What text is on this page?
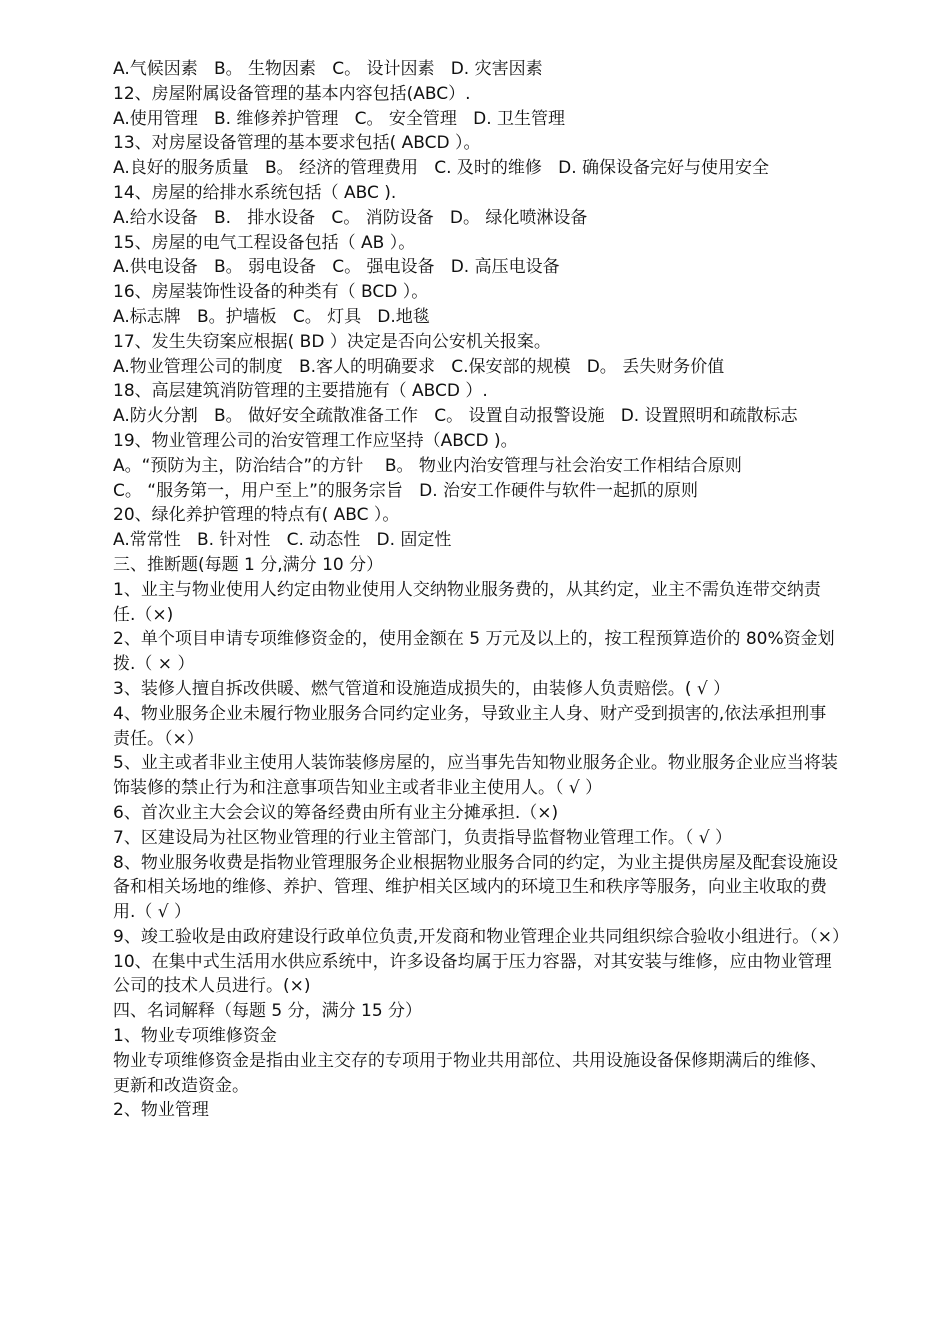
A.气候因素   B。 生物因素   C。 设计因素   D. 灾害因素
12、房屋附属设备管理的基本内容包括(ABC）.
A.使用管理   B. 维修养护管理   C。 安全管理   D. 卫生管理
13、对房屋设备管理的基本要求包括( ABCD ）。
A.良好的服务质量   B。 经济的管理费用   C. 及时的维修   D. 确保设备完好与使用安全
14、房屋的给排水系统包括（ ABC ).
A.给水设备   B.   排水设备   C。 消防设备   D。 绿化喷淋设备
15、房屋的电气工程设备包括（ AB ）。
A.供电设备   B。 弱电设备   C。 强电设备   D. 高压电设备
16、房屋装饰性设备的种类有（ BCD ）。
A.标志牌   B。护墙板   C。 灯具   D.地毯
17、发生失窃案应根据( BD ）决定是否向公安机关报案。
A.物业管理公司的制度   B.客人的明确要求   C.保安部的规模   D。 丢失财务价值
18、高层建筑消防管理的主要措施有（ ABCD ）.
A.防火分割   B。 做好安全疏散准备工作   C。 设置自动报警设施   D. 设置照明和疏散标志
19、物业管理公司的治安管理工作应坚持（ABCD )。
A。“预防为主，防治结合”的方针    B。 物业内治安管理与社会治安工作相结合原则
C。 “服务第一，用户至上”的服务宗旨   D. 治安工作硬件与软件一起抓的原则
20、绿化养护管理的特点有( ABC ）。
A.常常性   B. 针对性   C. 动态性   D. 固定性
三、推断题(每题 1 分,满分 10 分）
1、业主与物业使用人约定由物业使用人交纳物业服务费的，从其约定，业主不需负连带交纳责任.（×)
2、单个项目申请专项维修资金的，使用金额在 5 万元及以上的，按工程预算造价的 80%资金划拨.（ × ）
3、装修人擅自拆改供暖、燃气管道和设施造成损失的，由装修人负责赔偿。( √ ）
4、物业服务企业未履行物业服务合同约定业务，导致业主人身、财产受到损害的,依法承担刑事责任。（×）
5、业主或者非业主使用人装饰装修房屋的，应当事先告知物业服务企业。物业服务企业应当将装饰装修的禁止行为和注意事项告知业主或者非业主使用人。（ √ ）
6、首次业主大会会议的筹备经费由所有业主分摊承担.（×)
7、区建设局为社区物业管理的行业主管部门，负责指导监督物业管理工作。（ √ ）
8、物业服务收费是指物业管理服务企业根据物业服务合同的约定，为业主提供房屋及配套设施设备和相关场地的维修、养护、管理、维护相关区域内的环境卫生和秩序等服务，向业主收取的费用.（ √ ）
9、竣工验收是由政府建设行政单位负责,开发商和物业管理企业共同组织综合验收小组进行。（×）
10、在集中式生活用水供应系统中，许多设备均属于压力容器，对其安装与维修，应由物业管理公司的技术人员进行。(×)
四、名词解释（每题 5 分，满分 15 分）
1、物业专项维修资金
物业专项维修资金是指由业主交存的专项用于物业共用部位、共用设施设备保修期满后的维修、更新和改造资金。
2、物业管理
